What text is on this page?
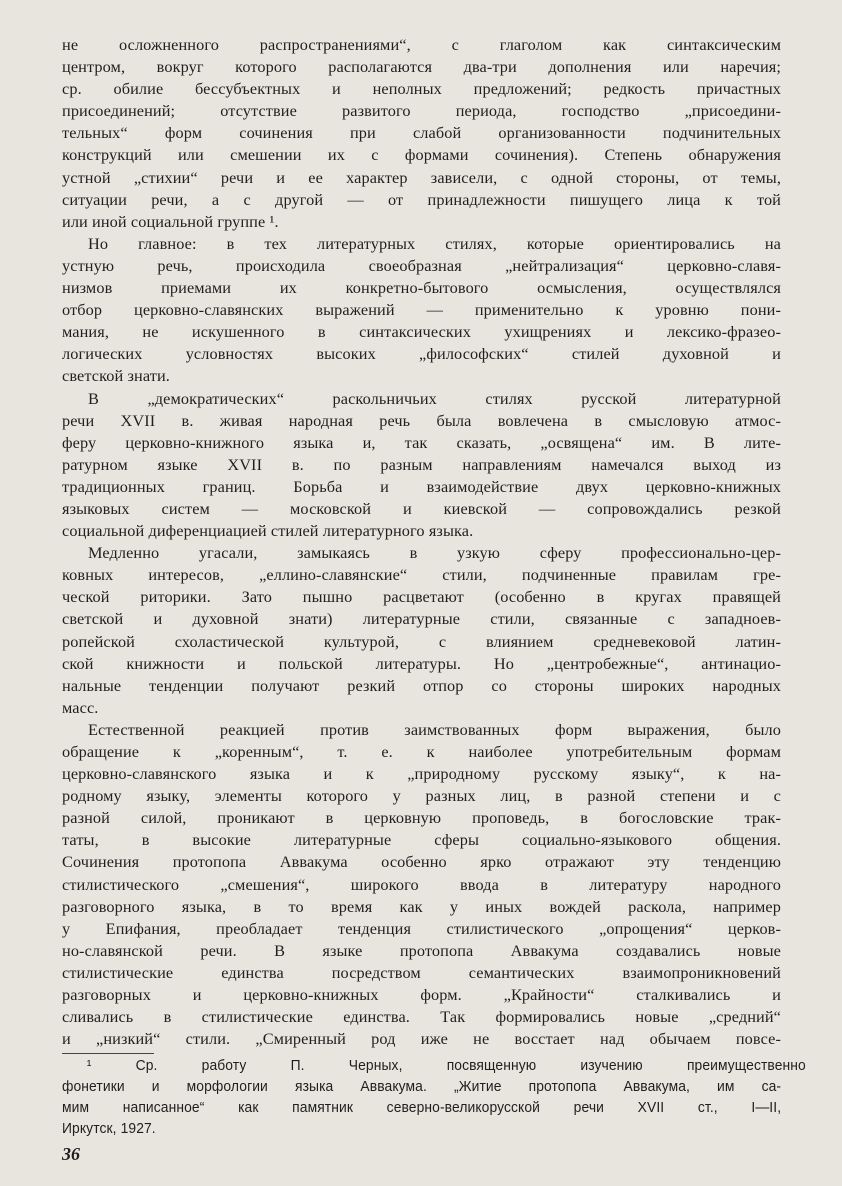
не осложненного распространениями“, с глаголом как синтаксическим
центром, вокруг которого располагаются два-три дополнения или наречия;
ср. обилие бессубъектных и неполных предложений; редкость причастных
присоединений; отсутствие развитого периода, господство „присоедини-
тельных“ форм сочинения при слабой организованности подчинительных
конструкций или смешении их с формами сочинения). Степень обнаружения
устной „стихии“ речи и ее характер зависели, с одной стороны, от темы,
ситуации речи, а с другой — от принадлежности пишущего лица к той
или иной социальной группе ¹.
Но главное: в тех литературных стилях, которые ориентировались на
устную речь, происходила своеобразная „нейтрализация“ церковно-славя-
низмов приемами их конкретно-бытового осмысления, осуществлялся
отбор церковно-славянских выражений — применительно к уровню пони-
мания, не искушенного в синтаксических ухищрениях и лексико-фразео-
логических условностях высоких „философских“ стилей духовной и
светской знати.
В „демократических“ раскольничьих стилях русской литературной
речи XVII в. живая народная речь была вовлечена в смысловую атмос-
феру церковно-книжного языка и, так сказать, „освящена“ им. В лите-
ратурном языке XVII в. по разным направлениям намечался выход из
традиционных границ. Борьба и взаимодействие двух церковно-книжных
языковых систем — московской и киевской — сопровождались резкой
социальной диференциацией стилей литературного языка.
Медленно угасали, замыкаясь в узкую сферу профессионально-цер-
ковных интересов, „еллино-славянские“ стили, подчиненные правилам гре-
ческой риторики. Зато пышно расцветают (особенно в кругах правящей
светской и духовной знати) литературные стили, связанные с западноев-
ропейской схоластической культурой, с влиянием средневековой латин-
ской книжности и польской литературы. Но „центробежные“, антинацио-
нальные тенденции получают резкий отпор со стороны широких народных
масс.
Естественной реакцией против заимствованных форм выражения, было
обращение к „коренным“, т. е. к наиболее употребительным формам
церковно-славянского языка и к „природному русскому языку“, к на-
родному языку, элементы которого у разных лиц, в разной степени и с
разной силой, проникают в церковную проповедь, в богословские трак-
таты, в высокие литературные сферы социально-языкового общения.
Сочинения протопопа Аввакума особенно ярко отражают эту тенденцию
стилистического „смешения“, широкого ввода в литературу народного
разговорного языка, в то время как у иных вождей раскола, например
у Епифания, преобладает тенденция стилистического „опрощения“ церков-
но-славянской речи. В языке протопопа Аввакума создавались новые
стилистические единства посредством семантических взаимопроникновений
разговорных и церковно-книжных форм. „Крайности“ сталкивались и
сливались в стилистические единства. Так формировались новые „средний“
и „низкий“ стили. „Смиренный род иже не восстает над обычаем повсе-
¹ Ср. работу П. Черных, посвященную изучению преимущественно
фонетики и морфологии языка Аввакума. „Житие протопопа Аввакума, им са-
мим написанное“ как памятник северно-великорусской речи XVII ст., I—II,
Иркутск, 1927.
36
